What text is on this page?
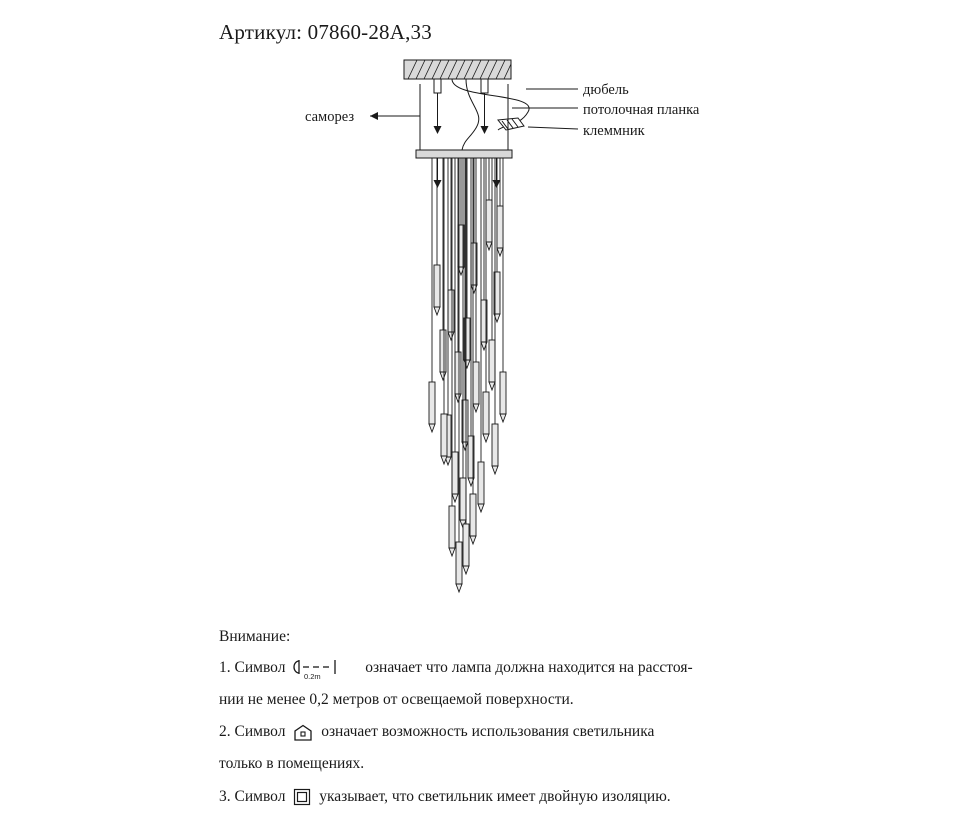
Артикул: 07860-28А,33
дюбель
потолочная планка
клеммник
саморез
Внимание:

1. Символ	0.2m	означает что лампа должна находится на расстоя-

нии не менее 0,2 метров от освещаемой поверхности.

2. Символ означает возможность использования светильника

только в помещениях.

3. Символ указывает, что светильник имеет двойную изоляцию.
